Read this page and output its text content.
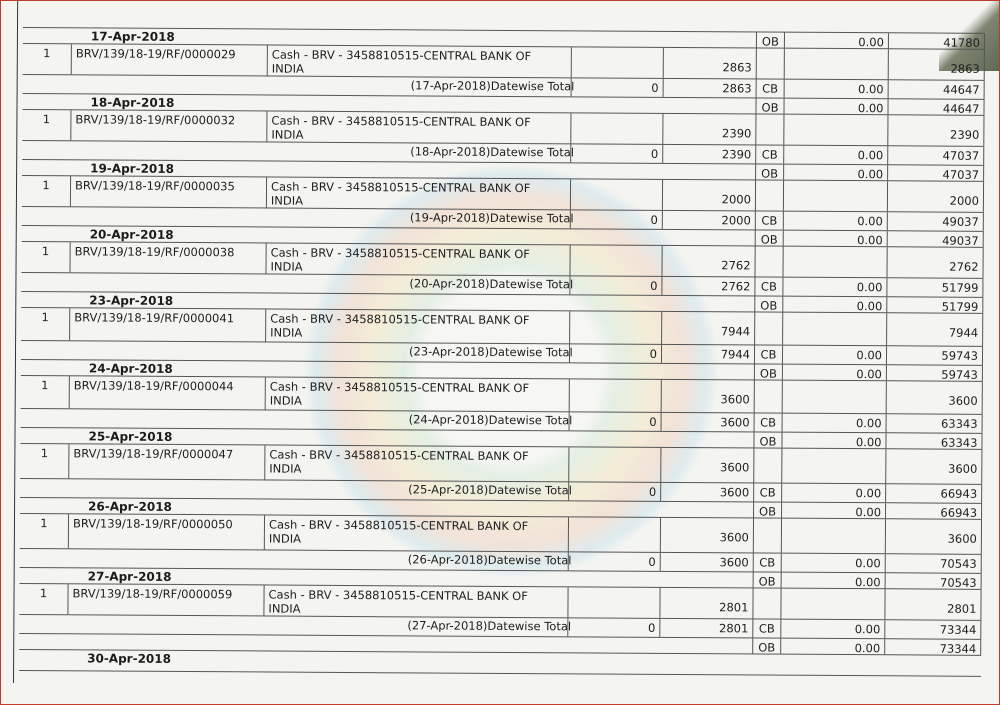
17-Apr-2018	OB	0.00	41780
1	BRV/139/18-19/RF/0000029	Cash - BRV - 3458810515-CENTRAL BANK OF INDIA	2863	2863
(17-Apr-2018)Datewise Total	0	2863 CB	0.00	44647
18-Apr-2018	OB	0.00	44647
1	BRV/139/18-19/RF/0000032	Cash - BRV - 3458810515-CENTRAL BANK OF INDIA	2390	2390
(18-Apr-2018)Datewise Total	0	2390 CB	0.00	47037
19-Apr-2018	OB	0.00	47037
1	BRV/139/18-19/RF/0000035	Cash - BRV - 3458810515-CENTRAL BANK OF INDIA	2000	2000
(19-Apr-2018)Datewise Total	0	2000 CB	0.00	49037
20-Apr-2018	OB	0.00	49037
1	BRV/139/18-19/RF/0000038	Cash - BRV - 3458810515-CENTRAL BANK OF INDIA	2762	2762
(20-Apr-2018)Datewise Total	0	2762 CB	0.00	51799
23-Apr-2018	OB	0.00	51799
1	BRV/139/18-19/RF/0000041	Cash - BRV - 3458810515-CENTRAL BANK OF INDIA	7944	7944
(23-Apr-2018)Datewise Total	0	7944 CB	0.00	59743
24-Apr-2018	OB	0.00	59743
1	BRV/139/18-19/RF/0000044	Cash - BRV - 3458810515-CENTRAL BANK OF INDIA	3600	3600
(24-Apr-2018)Datewise Total	0	3600 CB	0.00	63343
25-Apr-2018	OB	0.00	63343
1	BRV/139/18-19/RF/0000047	Cash - BRV - 3458810515-CENTRAL BANK OF INDIA	3600	3600
(25-Apr-2018)Datewise Total	0	3600 CB	0.00	66943
26-Apr-2018	OB	0.00	66943
1	BRV/139/18-19/RF/0000050	Cash - BRV - 3458810515-CENTRAL BANK OF INDIA	3600	3600
(26-Apr-2018)Datewise Total	0	3600 CB	0.00	70543
27-Apr-2018	OB	0.00	70543
1	BRV/139/18-19/RF/0000059	Cash - BRV - 3458810515-CENTRAL BANK OF INDIA	2801	2801
(27-Apr-2018)Datewise Total	0	2801 CB	0.00	73344
OB	0.00	73344
30-Apr-2018
